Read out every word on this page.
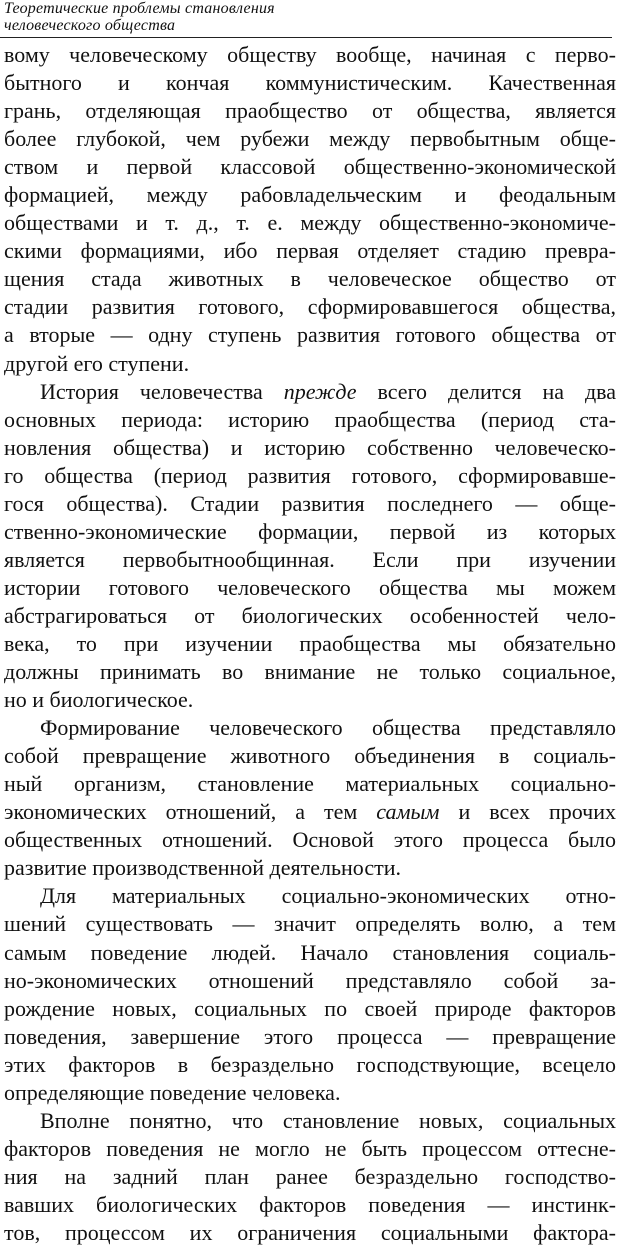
Теоретические проблемы становления
человеческого общества
вому человеческому обществу вообще, начиная с перво-
бытного и кончая коммунистическим. Качественная
грань, отделяющая праобщество от общества, является
более глубокой, чем рубежи между первобытным обще-
ством и первой классовой общественно-экономической
формацией, между рабовладельческим и феодальным
обществами и т. д., т. е. между общественно-экономиче-
скими формациями, ибо первая отделяет стадию превра-
щения стада животных в человеческое общество от
стадии развития готового, сформировавшегося общества,
а вторые — одну ступень развития готового общества от
другой его ступени.
История человечества прежде всего делится на два
основных периода: историю праобщества (период ста-
новления общества) и историю собственно человеческо-
го общества (период развития готового, сформировавше-
гося общества). Стадии развития последнего — обще-
ственно-экономические формации, первой из которых
является первобытнообщинная. Если при изучении
истории готового человеческого общества мы можем
абстрагироваться от биологических особенностей чело-
века, то при изучении праобщества мы обязательно
должны принимать во внимание не только социальное,
но и биологическое.
Формирование человеческого общества представляло
собой превращение животного объединения в социаль-
ный организм, становление материальных социально-
экономических отношений, а тем самым и всех прочих
общественных отношений. Основой этого процесса было
развитие производственной деятельности.
Для материальных социально-экономических отно-
шений существовать — значит определять волю, а тем
самым поведение людей. Начало становления социаль-
но-экономических отношений представляло собой за-
рождение новых, социальных по своей природе факторов
поведения, завершение этого процесса — превращение
этих факторов в безраздельно господствующие, всецело
определяющие поведение человека.
Вполне понятно, что становление новых, социальных
факторов поведения не могло не быть процессом оттесне-
ния на задний план ранее безраздельно господство-
вавших биологических факторов поведения — инстинк-
тов, процессом их ограничения социальными фактора-
